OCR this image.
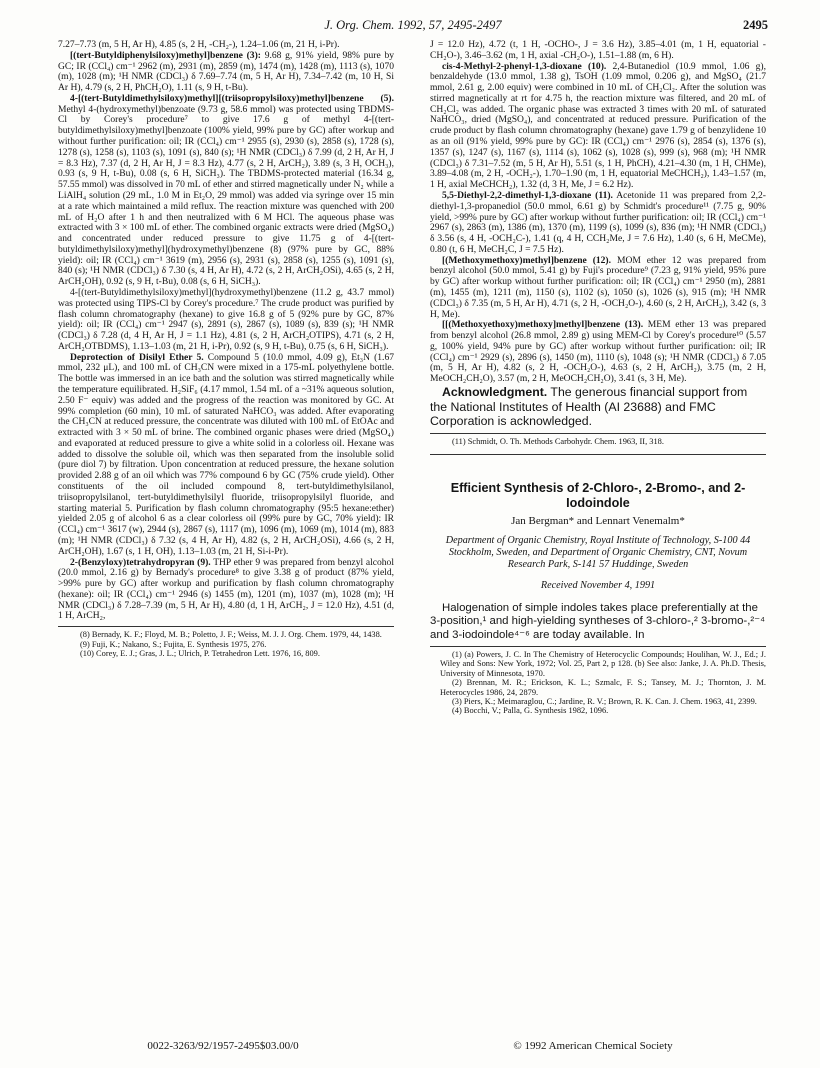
J. Org. Chem. 1992, 57, 2495-2497	2495

7.27–7.73 (m, 5 H, Ar H), 4.85 (s, 2 H, -CH₂-), 1.24–1.06 (m, 21 H, i-Pr).

[(tert-Butyldiphenylsiloxy)methyl]benzene (3): 9.68 g, 91% yield, 98% pure by GC; IR (CCl₄) cm⁻¹ 2962 (m), 2931 (m), 2859 (m), 1474 (m), 1428 (m), 1113 (s), 1070 (m), 1028 (m); ¹H NMR (CDCl₃) δ 7.69–7.74 (m, 5 H, Ar H), 7.34–7.42 (m, 10 H, Si Ar H), 4.79 (s, 2 H, PhCH₂O), 1.11 (s, 9 H, t-Bu).

4-[(tert-Butyldimethylsiloxy)methyl][(triisopropylsiloxy)methyl]benzene (5). Methyl 4-(hydroxymethyl)benzoate (9.73 g, 58.6 mmol) was protected using TBDMS-Cl by Corey's procedure⁷ to give 17.6 g of methyl 4-[(tert-butyldimethylsiloxy)methyl]benzoate (100% yield, 99% pure by GC) after workup and without further purification: oil; IR (CCl₄) cm⁻¹ 2955 (s), 2930 (s), 2858 (s), 1728 (s), 1278 (s), 1258 (s), 1103 (s), 1091 (s), 840 (s); ¹H NMR (CDCl₃) δ 7.99 (d, 2 H, Ar H, J = 8.3 Hz), 7.37 (d, 2 H, Ar H, J = 8.3 Hz), 4.77 (s, 2 H, ArCH₂), 3.89 (s, 3 H, OCH₃), 0.93 (s, 9 H, t-Bu), 0.08 (s, 6 H, SiCH₃). The TBDMS-protected material (16.34 g, 57.55 mmol) was dissolved in 70 mL of ether and stirred magnetically under N₂ while a LiAlH₄ solution (29 mL, 1.0 M in Et₂O, 29 mmol) was added via syringe over 15 min at a rate which maintained a mild reflux. The reaction mixture was quenched with 200 mL of H₂O after 1 h and then neutralized with 6 M HCl. The aqueous phase was extracted with 3 × 100 mL of ether. The combined organic extracts were dried (MgSO₄) and concentrated under reduced pressure to give 11.75 g of 4-[(tert-butyldimethylsiloxy)methyl](hydroxymethyl)benzene (8) (97% pure by GC, 88% yield): oil; IR (CCl₄) cm⁻¹ 3619 (m), 2956 (s), 2931 (s), 2858 (s), 1255 (s), 1091 (s), 840 (s); ¹H NMR (CDCl₃) δ 7.30 (s, 4 H, Ar H), 4.72 (s, 2 H, ArCH₂OSi), 4.65 (s, 2 H, ArCH₂OH), 0.92 (s, 9 H, t-Bu), 0.08 (s, 6 H, SiCH₃).

4-[(tert-Butyldimethylsiloxy)methyl](hydroxymethyl)benzene (11.2 g, 43.7 mmol) was protected using TIPS-Cl by Corey's procedure.⁷ The crude product was purified by flash column chromatography (hexane) to give 16.8 g of 5 (92% pure by GC, 87% yield): oil; IR (CCl₄) cm⁻¹ 2947 (s), 2891 (s), 2867 (s), 1089 (s), 839 (s); ¹H NMR (CDCl₃) δ 7.28 (d, 4 H, Ar H, J = 1.1 Hz), 4.81 (s, 2 H, ArCH₂OTIPS), 4.71 (s, 2 H, ArCH₂OTBDMS), 1.13–1.03 (m, 21 H, i-Pr), 0.92 (s, 9 H, t-Bu), 0.75 (s, 6 H, SiCH₃).

Deprotection of Disilyl Ether 5. Compound 5 (10.0 mmol, 4.09 g), Et₃N (1.67 mmol, 232 μL), and 100 mL of CH₃CN were mixed in a 175-mL polyethylene bottle. The bottle was immersed in an ice bath and the solution was stirred magnetically while the temperature equilibrated. H₂SiF₆ (4.17 mmol, 1.54 mL of a ~31% aqueous solution, 2.50 F⁻ equiv) was added and the progress of the reaction was monitored by GC. At 99% completion (60 min), 10 mL of saturated NaHCO₃ was added. After evaporating the CH₃CN at reduced pressure, the concentrate was diluted with 100 mL of EtOAc and extracted with 3 × 50 mL of brine. The combined organic phases were dried (MgSO₄) and evaporated at reduced pressure to give a white solid in a colorless oil. Hexane was added to dissolve the soluble oil, which was then separated from the insoluble solid (pure diol 7) by filtration. Upon concentration at reduced pressure, the hexane solution provided 2.88 g of an oil which was 77% compound 6 by GC (75% crude yield). Other constituents of the oil included compound 8, tert-butyldimethylsilanol, triisopropylsilanol, tert-butyldimethylsilyl fluoride, triisopropylsilyl fluoride, and starting material 5. Purification by flash column chromatography (95:5 hexane:ether) yielded 2.05 g of alcohol 6 as a clear colorless oil (99% pure by GC, 70% yield): IR (CCl₄) cm⁻¹ 3617 (w), 2944 (s), 2867 (s), 1117 (m), 1096 (m), 1069 (m), 1014 (m), 883 (m); ¹H NMR (CDCl₃) δ 7.32 (s, 4 H, Ar H), 4.82 (s, 2 H, ArCH₂OSi), 4.66 (s, 2 H, ArCH₂OH), 1.67 (s, 1 H, OH), 1.13–1.03 (m, 21 H, Si-i-Pr).

2-(Benzyloxy)tetrahydropyran (9). THP ether 9 was prepared from benzyl alcohol (20.0 mmol, 2.16 g) by Bernady's procedure⁸ to give 3.38 g of product (87% yield, >99% pure by GC) after workup and purification by flash column chromatography (hexane): oil; IR (CCl₄) cm⁻¹ 2946 (s) 1455 (m), 1201 (m), 1037 (m), 1028 (m); ¹H NMR (CDCl₃) δ 7.28–7.39 (m, 5 H, Ar H), 4.80 (d, 1 H, ArCH₂, J = 12.0 Hz), 4.51 (d, 1 H, ArCH₂,

(8) Bernady, K. F.; Floyd, M. B.; Poletto, J. F.; Weiss, M. J. J. Org. Chem. 1979, 44, 1438.

(9) Fuji, K.; Nakano, S.; Fujita, E. Synthesis 1975, 276.

(10) Corey, E. J.; Gras, J. L.; Ulrich, P. Tetrahedron Lett. 1976, 16, 809.

J = 12.0 Hz), 4.72 (t, 1 H, -OCHO-, J = 3.6 Hz), 3.85–4.01 (m, 1 H, equatorial -CH₂O-), 3.46–3.62 (m, 1 H, axial -CH₂O-), 1.51–1.88 (m, 6 H).

cis-4-Methyl-2-phenyl-1,3-dioxane (10). 2,4-Butanediol (10.9 mmol, 1.06 g), benzaldehyde (13.0 mmol, 1.38 g), TsOH (1.09 mmol, 0.206 g), and MgSO₄ (21.7 mmol, 2.61 g, 2.00 equiv) were combined in 10 mL of CH₂Cl₂. After the solution was stirred magnetically at rt for 4.75 h, the reaction mixture was filtered, and 20 mL of CH₂Cl₂ was added. The organic phase was extracted 3 times with 20 mL of saturated NaHCO₃, dried (MgSO₄), and concentrated at reduced pressure. Purification of the crude product by flash column chromatography (hexane) gave 1.79 g of benzylidene 10 as an oil (91% yield, 99% pure by GC): IR (CCl₄) cm⁻¹ 2976 (s), 2854 (s), 1376 (s), 1357 (s), 1247 (s), 1167 (s), 1114 (s), 1062 (s), 1028 (s), 999 (s), 968 (m); ¹H NMR (CDCl₃) δ 7.31–7.52 (m, 5 H, Ar H), 5.51 (s, 1 H, PhCH), 4.21–4.30 (m, 1 H, CHMe), 3.89–4.08 (m, 2 H, -OCH₂-), 1.70–1.90 (m, 1 H, equatorial MeCHCH₂), 1.43–1.57 (m, 1 H, axial MeCHCH₂), 1.32 (d, 3 H, Me, J = 6.2 Hz).

5,5-Diethyl-2,2-dimethyl-1,3-dioxane (11). Acetonide 11 was prepared from 2,2-diethyl-1,3-propanediol (50.0 mmol, 6.61 g) by Schmidt's procedure¹¹ (7.75 g, 90% yield, >99% pure by GC) after workup without further purification: oil; IR (CCl₄) cm⁻¹ 2967 (s), 2863 (m), 1386 (m), 1370 (m), 1199 (s), 1099 (s), 836 (m); ¹H NMR (CDCl₃) δ 3.56 (s, 4 H, -OCH₂C-), 1.41 (q, 4 H, CCH₂Me, J = 7.6 Hz), 1.40 (s, 6 H, MeCMe), 0.80 (t, 6 H, MeCH₂C, J = 7.5 Hz).

[(Methoxymethoxy)methyl]benzene (12). MOM ether 12 was prepared from benzyl alcohol (50.0 mmol, 5.41 g) by Fuji's procedure⁹ (7.23 g, 91% yield, 95% pure by GC) after workup without further purification: oil; IR (CCl₄) cm⁻¹ 2950 (m), 2881 (m), 1455 (m), 1211 (m), 1150 (s), 1102 (s), 1050 (s), 1026 (s), 915 (m); ¹H NMR (CDCl₃) δ 7.35 (m, 5 H, Ar H), 4.71 (s, 2 H, -OCH₂O-), 4.60 (s, 2 H, ArCH₂), 3.42 (s, 3 H, Me).

[[(Methoxyethoxy)methoxy]methyl]benzene (13). MEM ether 13 was prepared from benzyl alcohol (26.8 mmol, 2.89 g) using MEM-Cl by Corey's procedure¹⁰ (5.57 g, 100% yield, 94% pure by GC) after workup without further purification: oil; IR (CCl₄) cm⁻¹ 2929 (s), 2896 (s), 1450 (m), 1110 (s), 1048 (s); ¹H NMR (CDCl₃) δ 7.05 (m, 5 H, Ar H), 4.82 (s, 2 H, -OCH₂O-), 4.63 (s, 2 H, ArCH₂), 3.75 (m, 2 H, MeOCH₂CH₂O), 3.57 (m, 2 H, MeOCH₂CH₂O), 3.41 (s, 3 H, Me).

Acknowledgment. The generous financial support from the National Institutes of Health (AI 23688) and FMC Corporation is acknowledged.

(11) Schmidt, O. Th. Methods Carbohydr. Chem. 1963, II, 318.

Efficient Synthesis of 2-Chloro-, 2-Bromo-, and 2-Iodoindole
Jan Bergman* and Lennart Venemalm*
Department of Organic Chemistry, Royal Institute of Technology, S-100 44 Stockholm, Sweden, and Department of Organic Chemistry, CNT, Novum Research Park, S-141 57 Huddinge, Sweden
Received November 4, 1991

Halogenation of simple indoles takes place preferentially at the 3-position,¹ and high-yielding syntheses of 3-chloro-,² 3-bromo-,²⁻⁴ and 3-iodoindole⁴⁻⁶ are today available. In

(1) (a) Powers, J. C. In The Chemistry of Heterocyclic Compounds; Houlihan, W. J., Ed.; J. Wiley and Sons: New York, 1972; Vol. 25, Part 2, p 128. (b) See also: Janke, J. A. Ph.D. Thesis, University of Minnesota, 1970.

(2) Brennan, M. R.; Erickson, K. L.; Szmalc, F. S.; Tansey, M. J.; Thornton, J. M. Heterocycles 1986, 24, 2879.

(3) Piers, K.; Meimaraglou, C.; Jardine, R. V.; Brown, R. K. Can. J. Chem. 1963, 41, 2399.

(4) Bocchi, V.; Palla, G. Synthesis 1982, 1096.

0022-3263/92/1957-2495$03.00/0	© 1992 American Chemical Society
